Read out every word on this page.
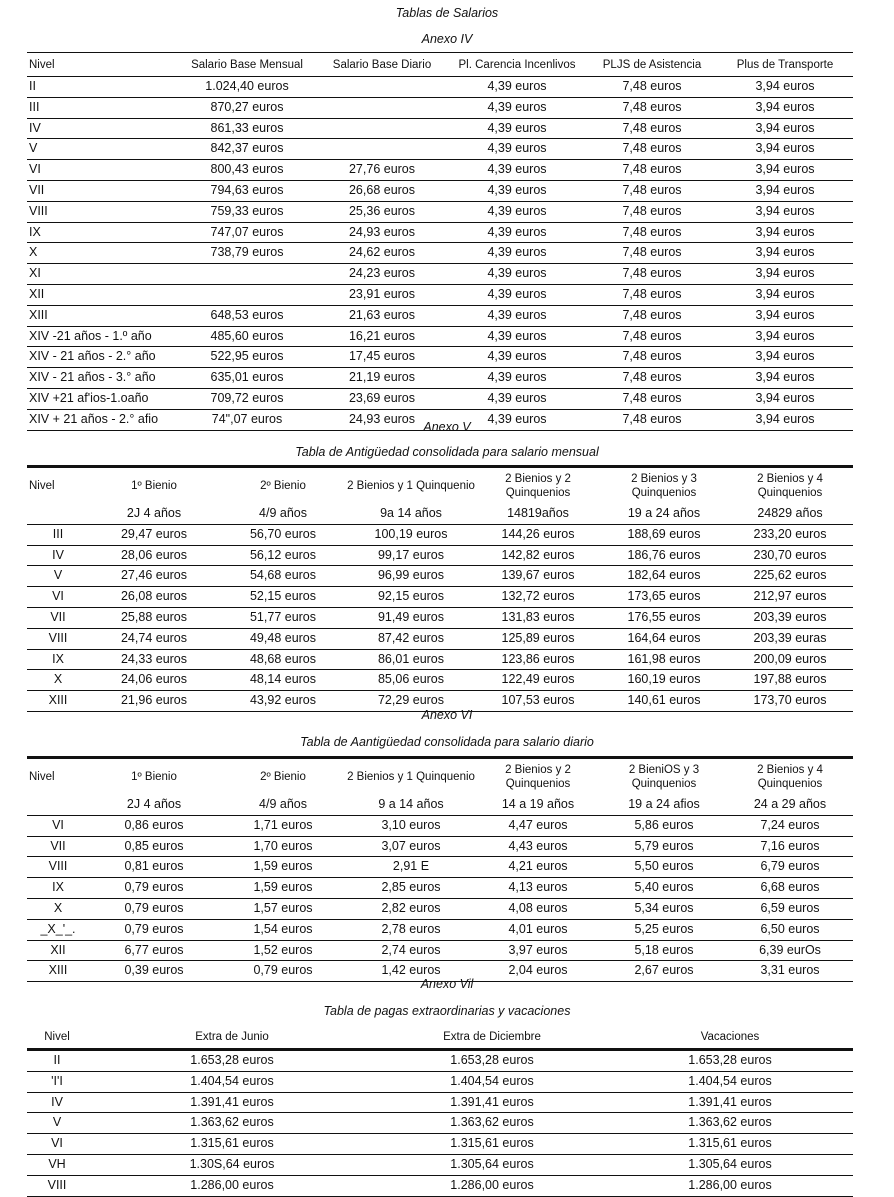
Tablas de Salarios
Anexo IV
Nivel	Salario Base Mensual	Salario Base Diario	Pl. Carencia Incenlivos	PLJS de Asistencia	Plus de Transporte
II	1.024,40 euros		4,39 euros	7,48 euros	3,94 euros
III	870,27 euros		4,39 euros	7,48 euros	3,94 euros
IV	861,33 euros		4,39 euros	7,48 euros	3,94 euros
V	842,37 euros		4,39 euros	7,48 euros	3,94 euros
VI	800,43 euros	27,76 euros	4,39 euros	7,48 euros	3,94 euros
VII	794,63 euros	26,68 euros	4,39 euros	7,48 euros	3,94 euros
VIII	759,33 euros	25,36 euros	4,39 euros	7,48 euros	3,94 euros
IX	747,07 euros	24,93 euros	4,39 euros	7,48 euros	3,94 euros
X	738,79 euros	24,62 euros	4,39 euros	7,48 euros	3,94 euros
XI		24,23 euros	4,39 euros	7,48 euros	3,94 euros
XII		23,91 euros	4,39 euros	7,48 euros	3,94 euros
XIII	648,53 euros	21,63 euros	4,39 euros	7,48 euros	3,94 euros
XIV -21 años - 1.º año	485,60 euros	16,21 euros	4,39 euros	7,48 euros	3,94 euros
XIV - 21 años - 2.° año	522,95 euros	17,45 euros	4,39 euros	7,48 euros	3,94 euros
XIV - 21 años - 3.° año	635,01 euros	21,19 euros	4,39 euros	7,48 euros	3,94 euros
XIV +21 af'ios-1.oaño	709,72 euros	23,69 euros	4,39 euros	7,48 euros	3,94 euros
XIV + 21 años - 2.° afio	74",07 euros	24,93 euros	4,39 euros	7,48 euros	3,94 euros
Anexo V
Tabla de Antigüedad consolidada para salario mensual
Nivel	1º Bienio	2º Bienio	2 Bienios y 1 Quinquenio	2 Bienios y 2 Quinquenios	2 Bienios y 3 Quinquenios	2 Bienios y 4 Quinquenios
	2J 4 años	4/9 años	9a 14 años	14819años	19 a 24 años	24829 años
III	29,47 euros	56,70 euros	100,19 euros	144,26 euros	188,69 euros	233,20 euros
IV	28,06 euros	56,12 euros	99,17 euros	142,82 euros	186,76 euros	230,70 euros
V	27,46 euros	54,68 euros	96,99 euros	139,67 euros	182,64 euros	225,62 euros
VI	26,08 euros	52,15 euros	92,15 euros	132,72 euros	173,65 euros	212,97 euros
VII	25,88 euros	51,77 euros	91,49 euros	131,83 euros	176,55 euros	203,39 euros
VIII	24,74 euros	49,48 euros	87,42 euros	125,89 euros	164,64 euros	203,39 euras
IX	24,33 euros	48,68 euros	86,01 euros	123,86 euros	161,98 euros	200,09 euros
X	24,06 euros	48,14 euros	85,06 euros	122,49 euros	160,19 euros	197,88 euros
XIII	21,96 euros	43,92 euros	72,29 euros	107,53 euros	140,61 euros	173,70 euros
Anexo VI
Tabla de Aantigüedad consolidada para salario diario
Nivel	1º Bienio	2º Bienio	2 Bienios y 1 Quinquenio	2 Bienios y 2 Quinquenios	2 BieniOS y 3 Quinquenios	2 Bienios y 4 Quinquenios
	2J 4 años	4/9 años	9 a 14 años	14 a 19 años	19 a 24 afios	24 a 29 años
VI	0,86 euros	1,71 euros	3,10 euros	4,47 euros	5,86 euros	7,24 euros
VII	0,85 euros	1,70 euros	3,07 euros	4,43 euros	5,79 euros	7,16 euros
VIII	0,81 euros	1,59 euros	2,91 E	4,21 euros	5,50 euros	6,79 euros
IX	0,79 euros	1,59 euros	2,85 euros	4,13 euros	5,40 euros	6,68 euros
X	0,79 euros	1,57 euros	2,82 euros	4,08 euros	5,34 euros	6,59 euros
_X_'_.	0,79 euros	1,54 euros	2,78 euros	4,01 euros	5,25 euros	6,50 euros
XII	6,77 euros	1,52 euros	2,74 euros	3,97 euros	5,18 euros	6,39 eurOs
XIII	0,39 euros	0,79 euros	1,42 euros	2,04 euros	2,67 euros	3,31 euros
Anexo Vil
Tabla de pagas extraordinarias y vacaciones
Nivel	Extra de Junio	Extra de Diciembre	Vacaciones
II	1.653,28 euros	1.653,28 euros	1.653,28 euros
'I'I	1.404,54 euros	1.404,54 euros	1.404,54 euros
IV	1.391,41 euros	1.391,41 euros	1.391,41 euros
V	1.363,62 euros	1.363,62 euros	1.363,62 euros
VI	1.315,61 euros	1.315,61 euros	1.315,61 euros
VH	1.30S,64 euros	1.305,64 euros	1.305,64 euros
VIII	1.286,00 euros	1.286,00 euros	1.286,00 euros
